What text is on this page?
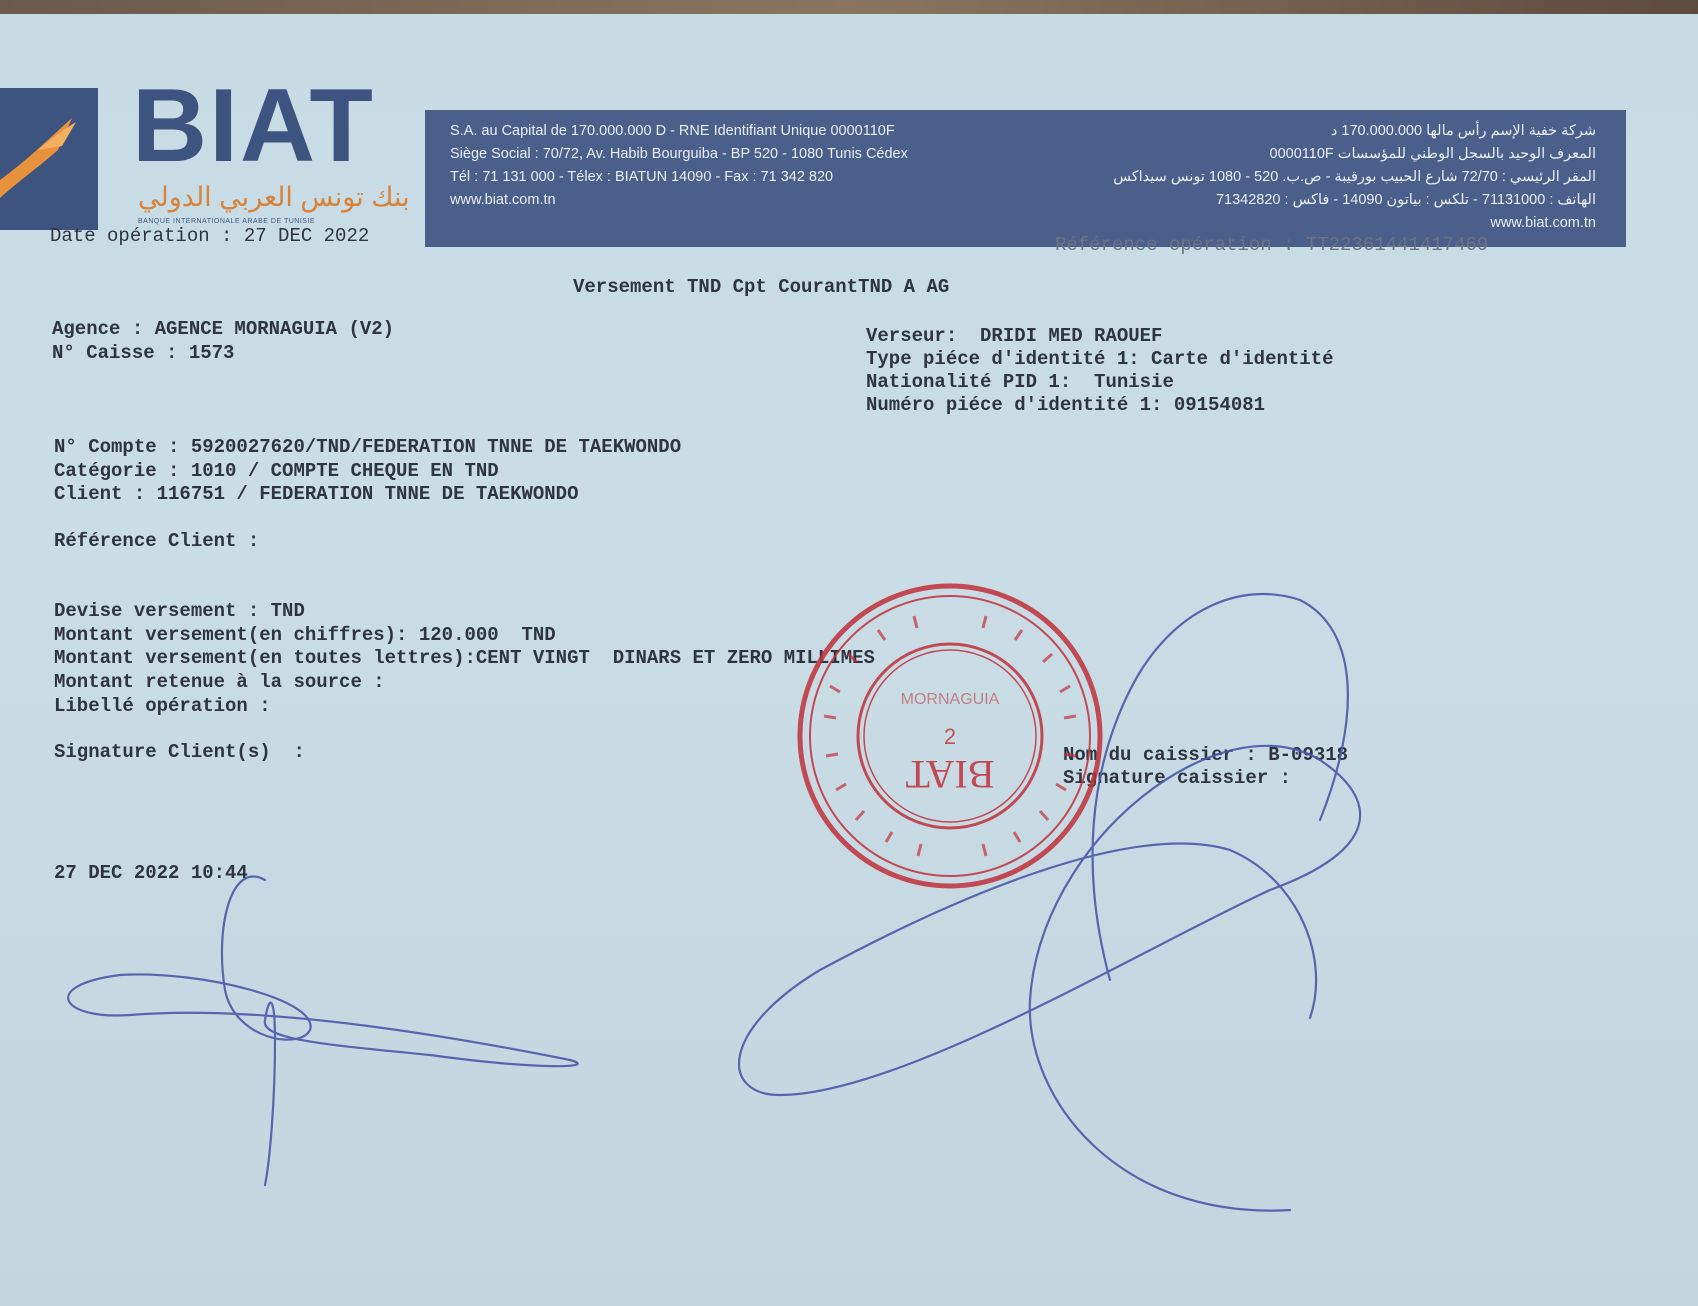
BIAT
بنك تونس العربي الدولي
BANQUE INTERNATIONALE ARABE DE TUNISIE
S.A. au Capital de 170.000.000 D - RNE Identifiant Unique 0000110F
Siège Social : 70/72, Av. Habib Bourguiba - BP 520 - 1080 Tunis Cédex
Tél : 71 131 000 - Télex : BIATUN 14090 - Fax : 71 342 820
www.biat.com.tn
شركة خفية الإسم رأس مالها 170.000.000 د
المعرف الوحيد بالسجل الوطني للمؤسسات 0000110F
المقر الرئيسي : 72/70 شارع الحبيب بورقيبة - ص.ب. 520 - 1080 تونس سيداكس
الهاتف : 71131000 - تلكس : بياتون 14090 - فاكس : 71342820
www.biat.com.tn
Date opération : 27 DEC 2022	Référence opération : TT22361441417469
Versement TND Cpt CourantTND A AG
Agence : AGENCE MORNAGUIA (V2)
N° Caisse : 1573
Verseur:  DRIDI MED RAOUEF
Type piéce d'identité 1: Carte d'identité
Nationalité PID 1:  Tunisie
Numéro piéce d'identité 1: 09154081
N° Compte : 5920027620/TND/FEDERATION TNNE DE TAEKWONDO
Catégorie : 1010 / COMPTE CHEQUE EN TND
Client : 116751 / FEDERATION TNNE DE TAEKWONDO
Référence Client :
Devise versement : TND
Montant versement(en chiffres): 120.000  TND
Montant versement(en toutes lettres):CENT VINGT  DINARS ET ZERO MILLIMES
Montant retenue à la source :
Libellé opération :
Signature Client(s)  :	Nom du caissier : B-09318
Signature caissier :
27 DEC 2022 10:44
BIAT
2
MORNAGUIA
